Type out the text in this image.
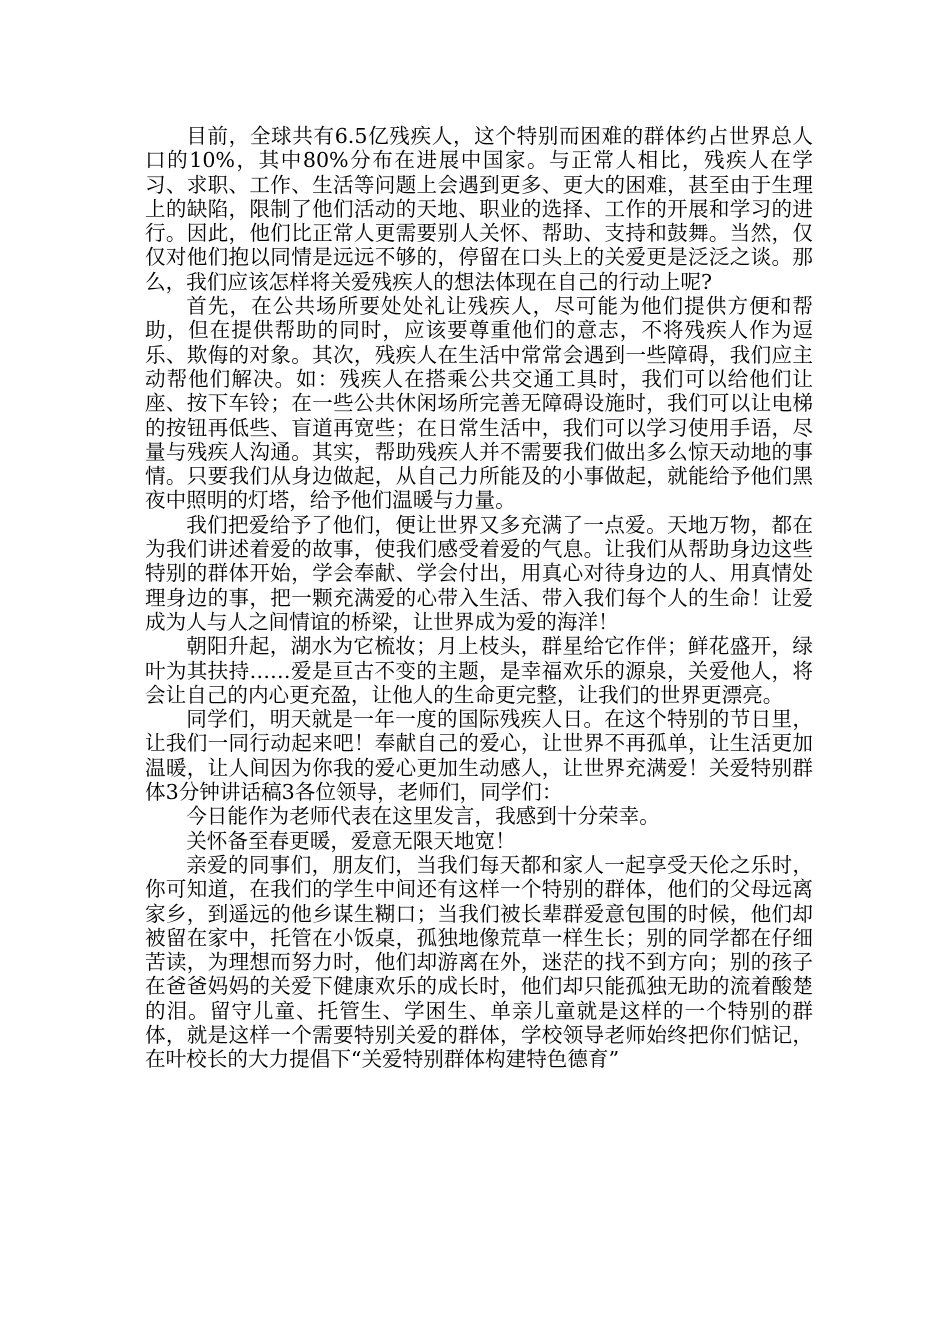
目前，全球共有6.5亿残疾人，这个特别而困难的群体约占世界总人口的10%，其中80%分布在进展中国家。与正常人相比，残疾人在学习、求职、工作、生活等问题上会遇到更多、更大的困难，甚至由于生理上的缺陷，限制了他们活动的天地、职业的选择、工作的开展和学习的进行。因此，他们比正常人更需要别人关怀、帮助、支持和鼓舞。当然，仅仅对他们抱以同情是远远不够的，停留在口头上的关爱更是泛泛之谈。那么，我们应该怎样将关爱残疾人的想法体现在自己的行动上呢?

首先，在公共场所要处处礼让残疾人，尽可能为他们提供方便和帮助，但在提供帮助的同时，应该要尊重他们的意志，不将残疾人作为逗乐、欺侮的对象。其次，残疾人在生活中常常会遇到一些障碍，我们应主动帮他们解决。如：残疾人在搭乘公共交通工具时，我们可以给他们让座、按下车铃；在一些公共休闲场所完善无障碍设施时，我们可以让电梯的按钮再低些、盲道再宽些；在日常生活中，我们可以学习使用手语，尽量与残疾人沟通。其实，帮助残疾人并不需要我们做出多么惊天动地的事情。只要我们从身边做起，从自己力所能及的小事做起，就能给予他们黑夜中照明的灯塔，给予他们温暖与力量。

我们把爱给予了他们，便让世界又多充满了一点爱。天地万物，都在为我们讲述着爱的故事，使我们感受着爱的气息。让我们从帮助身边这些特别的群体开始，学会奉献、学会付出，用真心对待身边的人、用真情处理身边的事，把一颗充满爱的心带入生活、带入我们每个人的生命！让爱成为人与人之间情谊的桥梁，让世界成为爱的海洋！

朝阳升起，湖水为它梳妆；月上枝头，群星给它作伴；鲜花盛开，绿叶为其扶持……爱是亘古不变的主题，是幸福欢乐的源泉，关爱他人，将会让自己的内心更充盈，让他人的生命更完整，让我们的世界更漂亮。

同学们，明天就是一年一度的国际残疾人日。在这个特别的节日里，让我们一同行动起来吧！奉献自己的爱心，让世界不再孤单，让生活更加温暖，让人间因为你我的爱心更加生动感人，让世界充满爱！关爱特别群体3分钟讲话稿3各位领导，老师们，同学们：

今日能作为老师代表在这里发言，我感到十分荣幸。

关怀备至春更暖，爱意无限天地宽！

亲爱的同事们，朋友们，当我们每天都和家人一起享受天伦之乐时，你可知道，在我们的学生中间还有这样一个特别的群体，他们的父母远离家乡，到遥远的他乡谋生糊口；当我们被长辈群爱意包围的时候，他们却被留在家中，托管在小饭桌，孤独地像荒草一样生长；别的同学都在仔细苦读，为理想而努力时，他们却游离在外，迷茫的找不到方向；别的孩子在爸爸妈妈的关爱下健康欢乐的成长时，他们却只能孤独无助的流着酸楚的泪。留守儿童、托管生、学困生、单亲儿童就是这样的一个特别的群体，就是这样一个需要特别关爱的群体，学校领导老师始终把你们惦记，在叶校长的大力提倡下“关爱特别群体构建特色德育”
